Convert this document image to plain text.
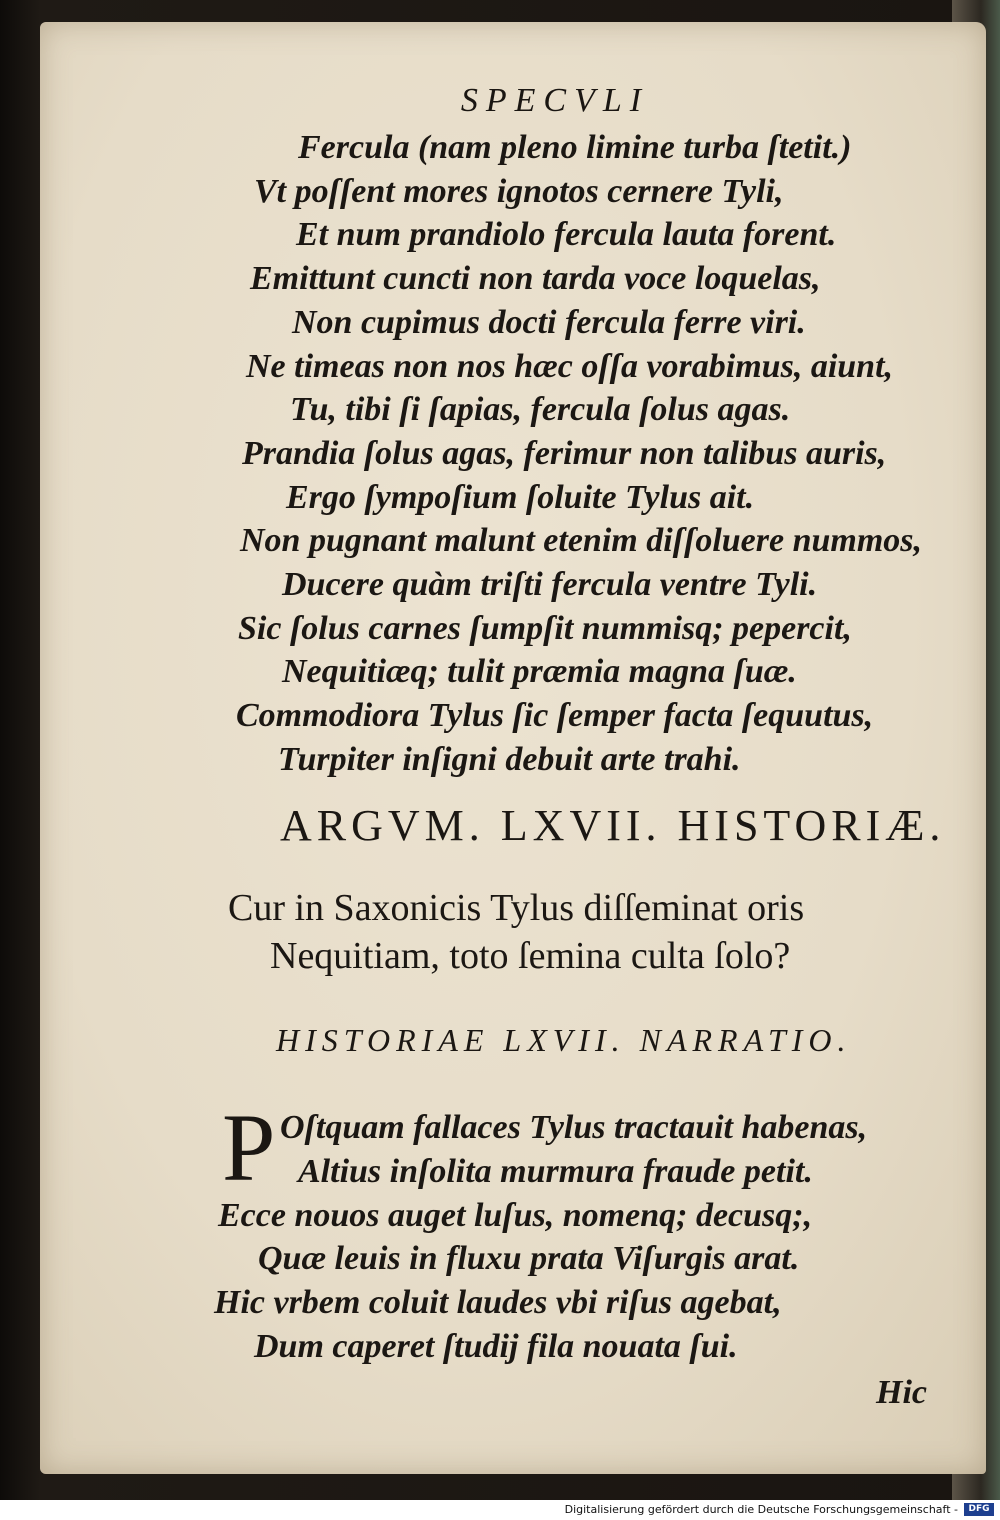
SPECVLI
Fercula (nam pleno limine turba ſtetit.)
Vt poſſent mores ignotos cernere Tyli,
Et num prandiolo fercula lauta forent.
Emittunt cuncti non tarda voce loquelas,
Non cupimus docti fercula ferre viri.
Ne timeas non nos hæc oſſa vorabimus, aiunt,
Tu, tibi ſi ſapias, fercula ſolus agas.
Prandia ſolus agas, ferimur non talibus auris,
Ergo ſympoſium ſoluite Tylus ait.
Non pugnant malunt etenim diſſoluere nummos,
Ducere quàm triſti fercula ventre Tyli.
Sic ſolus carnes ſumpſit nummisq; pepercit,
Nequitiæq; tulit præmia magna ſuæ.
Commodiora Tylus ſic ſemper facta ſequutus,
Turpiter inſigni debuit arte trahi.
ARGVM. LXVII. HISTORIÆ.
Cur in Saxonicis Tylus diſſeminat oris
Nequitiam, toto ſemina culta ſolo?
HISTORIAE LXVII. NARRATIO.
P Oſtquam fallaces Tylus tractauit habenas,
Altius inſolita murmura fraude petit.
Ecce nouos auget luſus, nomenq; decusq;,
Quæ leuis in fluxu prata Viſurgis arat.
Hic vrbem coluit laudes vbi riſus agebat,
Dum caperet ſtudij fila nouata ſui.
Hic
Digitalisierung gefördert durch die Deutsche Forschungsgemeinschaft -	DFG
